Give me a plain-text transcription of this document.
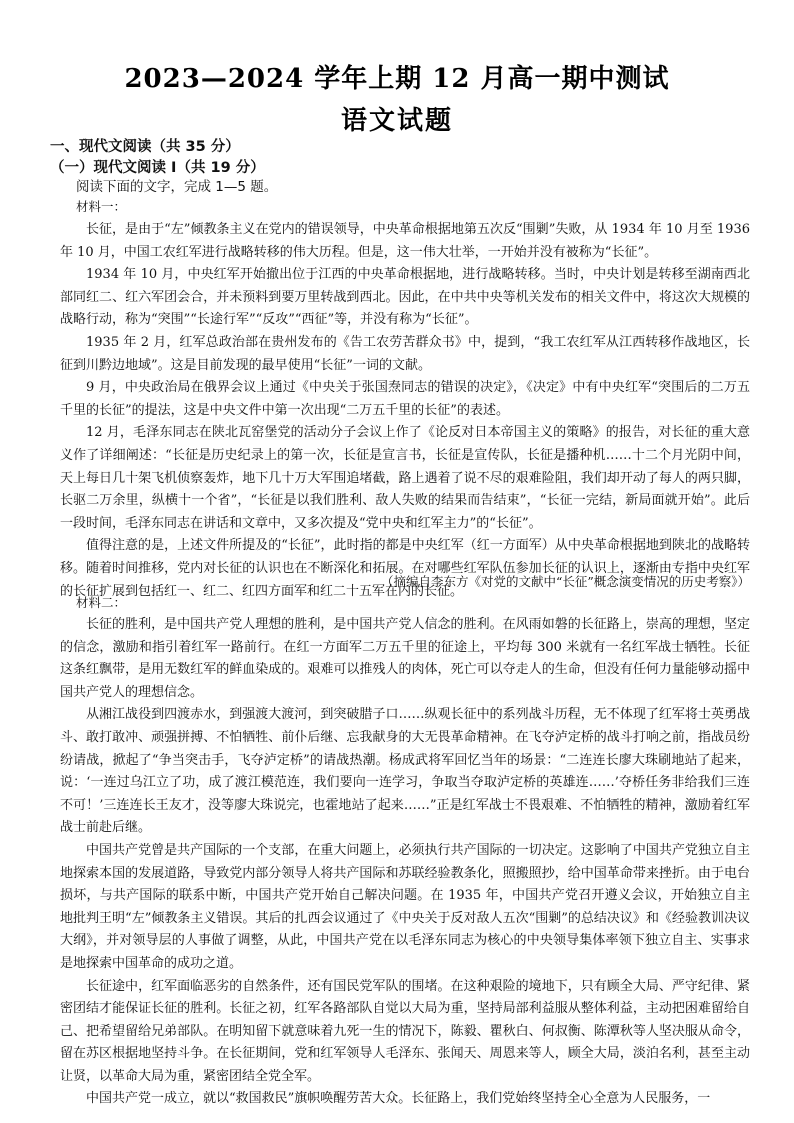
2023—2024 学年上期 12 月高一期中测试
语文试题
一、现代文阅读（共 35 分）
（一）现代文阅读 I（共 19 分）
阅读下面的文字，完成 1—5 题。
材料一：

长征，是由于“左”倾教条主义在党内的错误领导，中央革命根据地第五次反“围剿”失败，从 1934 年 10 月至 1936 年 10 月，中国工农红军进行战略转移的伟大历程。但是，这一伟大壮举，一开始并没有被称为“长征”。

1934 年 10 月，中央红军开始撤出位于江西的中央革命根据地，进行战略转移。当时，中央计划是转移至湖南西北部同红二、红六军团会合，并未预料到要万里转战到西北。因此，在中共中央等机关发布的相关文件中，将这次大规模的战略行动，称为“突围”“长途行军”“反攻”“西征”等，并没有称为“长征”。

1935 年 2 月，红军总政治部在贵州发布的《告工农劳苦群众书》中，提到，“我工农红军从江西转移作战地区，长征到川黔边地域”。这是目前发现的最早使用“长征”一词的文献。

9 月，中央政治局在俄界会议上通过《中央关于张国焘同志的错误的决定》，《决定》中有中央红军“突围后的二万五千里的长征”的提法，这是中央文件中第一次出现“二万五千里的长征”的表述。

12 月，毛泽东同志在陕北瓦窑堡党的活动分子会议上作了《论反对日本帝国主义的策略》的报告，对长征的重大意义作了详细阐述：“长征是历史纪录上的第一次，长征是宣言书，长征是宣传队，长征是播种机……十二个月光阴中间，天上每日几十架飞机侦察轰炸，地下几十万大军围追堵截，路上遇着了说不尽的艰难险阻，我们却开动了每人的两只脚，长驱二万余里，纵横十一个省”，“长征是以我们胜利、敌人失败的结果而告结束”，“长征一完结，新局面就开始”。此后一段时间，毛泽东同志在讲话和文章中，又多次提及“党中央和红军主力”的“长征”。

值得注意的是，上述文件所提及的“长征”，此时指的都是中央红军（红一方面军）从中央革命根据地到陕北的战略转移。随着时间推移，党内对长征的认识也在不断深化和拓展。在对哪些红军队伍参加长征的认识上，逐渐由专指中央红军的长征扩展到包括红一、红二、红四方面军和红二十五军在内的长征。

（摘编自李东方《对党的文献中“长征”概念演变情况的历史考察》）
材料二：

长征的胜利，是中国共产党人理想的胜利，是中国共产党人信念的胜利。在风雨如磐的长征路上，崇高的理想，坚定的信念，激励和指引着红军一路前行。在红一方面军二万五千里的征途上，平均每 300 米就有一名红军战士牺牲。长征这条红飘带，是用无数红军的鲜血染成的。艰难可以推残人的肉体，死亡可以夺走人的生命，但没有任何力量能够动摇中国共产党人的理想信念。

从湘江战役到四渡赤水，到强渡大渡河，到突破腊子口……纵观长征中的系列战斗历程，无不体现了红军将士英勇战斗、敢打敢冲、顽强拼搏、不怕牺牲、前仆后继、忘我献身的大无畏革命精神。在飞夺泸定桥的战斗打响之前，指战员纷纷请战，掀起了“争当突击手，飞夺泸定桥”的请战热潮。杨成武将军回忆当年的场景：“二连连长廖大珠刷地站了起来，说：‘一连过乌江立了功，成了渡江模范连，我们要向一连学习，争取当夺取泸定桥的英雄连……’夺桥任务非给我们三连不可！’三连连长王友才，没等廖大珠说完，也霍地站了起来……”正是红军战士不畏艰难、不怕牺牲的精神，激励着红军战士前赴后继。

中国共产党曾是共产国际的一个支部，在重大问题上，必须执行共产国际的一切决定。这影响了中国共产党独立自主地探索本国的发展道路，导致党内部分领导人将共产国际和苏联经验教条化，照搬照抄，给中国革命带来挫折。由于电台损坏，与共产国际的联系中断，中国共产党开始自己解决问题。在 1935 年，中国共产党召开遵义会议，开始独立自主地批判王明“左”倾教条主义错误。其后的扎西会议通过了《中央关于反对敌人五次“围剿”的总结决议》和《经验教训决议大纲》，并对领导层的人事做了调整，从此，中国共产党在以毛泽东同志为核心的中央领导集体率领下独立自主、实事求是地探索中国革命的成功之道。

长征途中，红军面临恶劣的自然条件，还有国民党军队的围堵。在这种艰险的境地下，只有顾全大局、严守纪律、紧密团结才能保证长征的胜利。长征之初，红军各路部队自觉以大局为重，坚持局部利益服从整体利益，主动把困难留给自己、把希望留给兄弟部队。在明知留下就意味着九死一生的情况下，陈毅、瞿秋白、何叔衡、陈潭秋等人坚决服从命令，留在苏区根据地坚持斗争。在长征期间，党和红军领导人毛泽东、张闻天、周恩来等人，顾全大局，淡泊名利，甚至主动让贤，以革命大局为重，紧密团结全党全军。

中国共产党一成立，就以“救国救民”旗帜唤醒劳苦大众。长征路上，我们党始终坚持全心全意为人民服务，一
